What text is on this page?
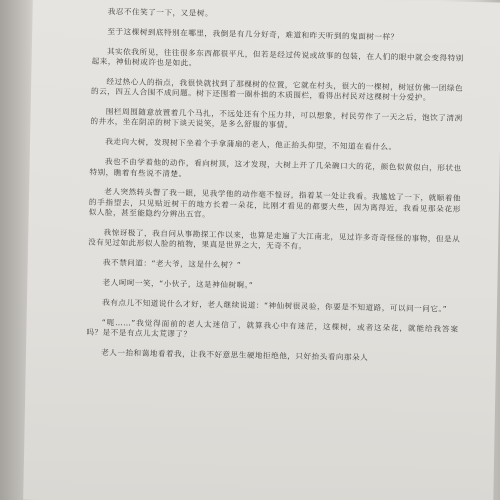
我忍不住笑了一下，又是树。

至于这棵树到底特别在哪里，我倒是有几分好奇，难道和昨天听到的鬼面树一样？

其实依我所见，往往很多东西都很平凡，但若是经过传说或故事的包装，在人们的眼中就会变得特别起来，神仙树或许也是如此。

经过热心人的指点，我很快就找到了那棵树的位置，它就在村头，很大的一棵树，树冠仿佛一团绿色的云，四五人合围不成问题。树下还围着一圈朴拙的木质围栏，看得出村民对这棵树十分爱护。

围栏周围随意放置着几个马扎，不远处还有个压力井，可以想象，村民劳作了一天之后，饱饮了清冽的井水，坐在阴凉的树下谈天说笑，是多么舒服的事情。

我走向大树，发现树下坐着个手拿蒲扇的老人，他正抬头仰望，不知道在看什么。

我也不由学着他的动作，看向树顶，这才发现，大树上开了几朵碗口大的花，颜色似黄似白，形状也特别，瞧着有些说不清楚。

老人突然转头瞥了我一眼，见我学他的动作毫不惶讶，指着某一处让我看。我尴尬了一下，就顺着他的手指望去，只见贴近树干的地方长着一朵花，比刚才看见的都要大些，因为离得近，我看见那朵花形似人脸，甚至能隐约分辨出五官。

我惊讶极了，我自问从事勘探工作以来，也算是走遍了大江南北，见过许多奇奇怪怪的事物，但是从没有见过如此形似人脸的植物，果真是世界之大，无奇不有。

我不禁问道：“老大爷，这是什么树？”

老人呵呵一笑，“小伙子，这是神仙树啊。”

我有点儿不知道说什么才好，老人继续说道：“神仙树很灵验，你要是不知道路，可以问一问它。”

“呃……”我觉得面前的老人太迷信了，就算我心中有迷茫，这棵树，或者这朵花，就能给我答案吗？是不是有点儿太荒谬了？

老人一抬和蔼地看着我，让我不好意思生硬地拒绝他，只好抬头看向那朵人
